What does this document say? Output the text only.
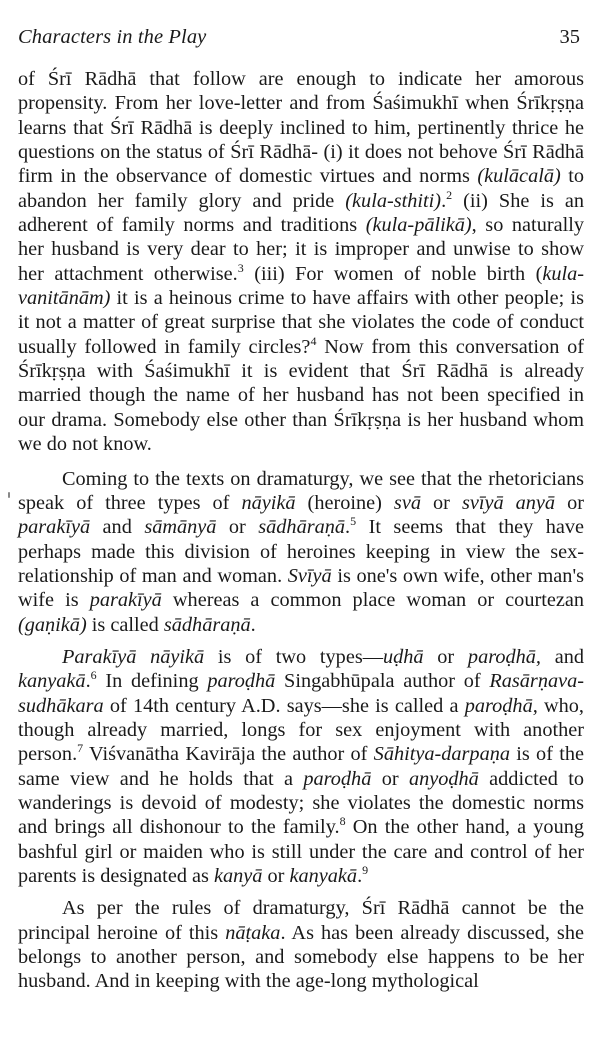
Characters in the Play	35

of Śrī Rādhā that follow are enough to indicate her amorous propensity. From her love-letter and from Śaśimukhī when Śrīkṛṣṇa learns that Śrī Rādhā is deeply inclined to him, pertinently thrice he questions on the status of Śrī Rādhā- (i) it does not behove Śrī Rādhā firm in the observance of domestic virtues and norms (kulācalā) to abandon her family glory and pride (kula-sthiti).$^2$ (ii) She is an adherent of family norms and traditions (kula-pālikā), so naturally her husband is very dear to her; it is improper and unwise to show her attachment otherwise.$^3$ (iii) For women of noble birth (kula-vanitānām) it is a heinous crime to have affairs with other people; is it not a matter of great surprise that she violates the code of conduct usually followed in family circles?$^4$ Now from this conversation of Śrīkṛṣṇa with Śaśimukhī it is evident that Śrī Rādhā is already married though the name of her husband has not been specified in our drama. Somebody else other than Śrīkṛṣṇa is her husband whom we do not know.

Coming to the texts on dramaturgy, we see that the rhetoricians speak of three types of nāyikā (heroine) svā or svīyā anyā or parakīyā and sāmānyā or sādhāraṇā.$^5$ It seems that they have perhaps made this division of heroines keeping in view the sex-relationship of man and woman. Svīyā is one's own wife, other man's wife is parakīyā whereas a common place woman or courtezan (gaṇikā) is called sādhāraṇā.

Parakīyā nāyikā is of two types—uḍhā or paroḍhā, and kanyakā.$^6$ In defining paroḍhā Singabhūpala author of Rasārṇava-sudhākara of 14th century A.D. says—she is called a paroḍhā, who, though already married, longs for sex enjoyment with another person.$^7$ Viśvanātha Kavirāja the author of Sāhitya-darpaṇa is of the same view and he holds that a paroḍhā or anyoḍhā addicted to wanderings is devoid of modesty; she violates the domestic norms and brings all dishonour to the family.$^8$ On the other hand, a young bashful girl or maiden who is still under the care and control of her parents is designated as kanyā or kanyakā.$^9$

As per the rules of dramaturgy, Śrī Rādhā cannot be the principal heroine of this nāṭaka. As has been already discussed, she belongs to another person, and somebody else happens to be her husband. And in keeping with the age-long mythological
